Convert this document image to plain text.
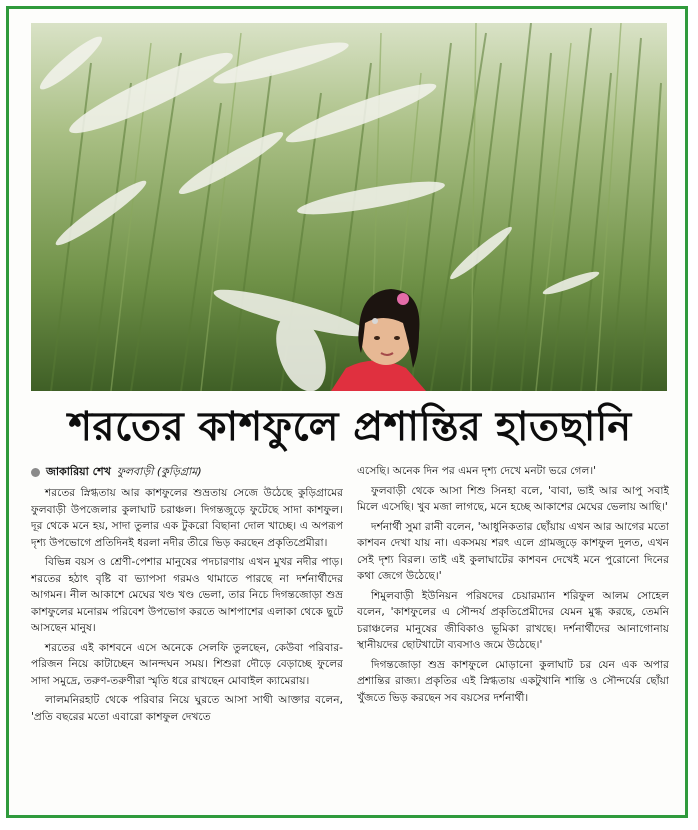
শরতের কাশফুলে প্রশান্তির হাতছানি
জাকারিয়া শেখ ফুলবাড়ী (কুড়িগ্রাম)

শরতের স্নিগ্ধতায় আর কাশফুলের শুভ্রতায় সেজে উঠেছে কুড়িগ্রামের ফুলবাড়ী উপজেলার কুলাঘাট চরাঞ্চল। দিগন্তজুড়ে ফুটেছে সাদা কাশফুল। দূর থেকে মনে হয়, সাদা তুলার এক টুকরো বিছানা দোল খাচ্ছে। এ অপরূপ দৃশ্য উপভোগে প্রতিদিনই ধরলা নদীর তীরে ভিড় করছেন প্রকৃতিপ্রেমীরা।

বিভিন্ন বয়স ও শ্রেণী-পেশার মানুষের পদচারণায় এখন মুখর নদীর পাড়। শরতের হঠাৎ বৃষ্টি বা ভ্যাপসা গরমও থামাতে পারছে না দর্শনার্থীদের আগমন। নীল আকাশে মেঘের খণ্ড খণ্ড ভেলা, তার নিচে দিগন্তজোড়া শুভ্র কাশফুলের মনোরম পরিবেশ উপভোগ করতে আশপাশের এলাকা থেকে ছুটে আসছেন মানুষ।

শরতের এই কাশবনে এসে অনেকে সেলফি তুলছেন, কেউবা পরিবার-পরিজন নিয়ে কাটাচ্ছেন আনন্দঘন সময়। শিশুরা দৌড়ে বেড়াচ্ছে ফুলের সাদা সমুদ্রে, তরুণ-তরুণীরা স্মৃতি ধরে রাখছেন মোবাইল ক্যামেরায়।

লালমনিরহাট থেকে পরিবার নিয়ে ঘুরতে আসা সাথী আক্তার বলেন, 'প্রতি বছরের মতো এবারো কাশফুল দেখতে

এসেছি। অনেক দিন পর এমন দৃশ্য দেখে মনটা ভরে গেল।'

ফুলবাড়ী থেকে আসা শিশু সিনহা বলে, 'বাবা, ভাই আর আপু সবাই মিলে এসেছি। খুব মজা লাগছে, মনে হচ্ছে আকাশের মেঘের ভেলায় আছি।'

দর্শনার্থী সুমা রানী বলেন, 'আধুনিকতার ছোঁয়ায় এখন আর আগের মতো কাশবন দেখা যায় না। একসময় শরৎ এলে গ্রামজুড়ে কাশফুল দুলত, এখন সেই দৃশ্য বিরল। তাই এই কুলাঘাটের কাশবন দেখেই মনে পুরোনো দিনের কথা জেগে উঠেছে।'

শিমুলবাড়ী ইউনিয়ন পরিষদের চেয়ারম্যান শরিফুল আলম সোহেল বলেন, 'কাশফুলের এ সৌন্দর্য প্রকৃতিপ্রেমীদের যেমন মুগ্ধ করছে, তেমনি চরাঞ্চলের মানুষের জীবিকাও ভূমিকা রাখছে। দর্শনার্থীদের আনাগোনায় স্থানীয়দের ছোটখাটো ব্যবসাও জমে উঠেছে।'

দিগন্তজোড়া শুভ্র কাশফুলে মোড়ানো কুলাঘাট চর যেন এক অপার প্রশান্তির রাজ্য। প্রকৃতির এই স্নিগ্ধতায় একটুখানি শান্তি ও সৌন্দর্যের ছোঁয়া খুঁজতে ভিড় করছেন সব বয়সের দর্শনার্থী।
